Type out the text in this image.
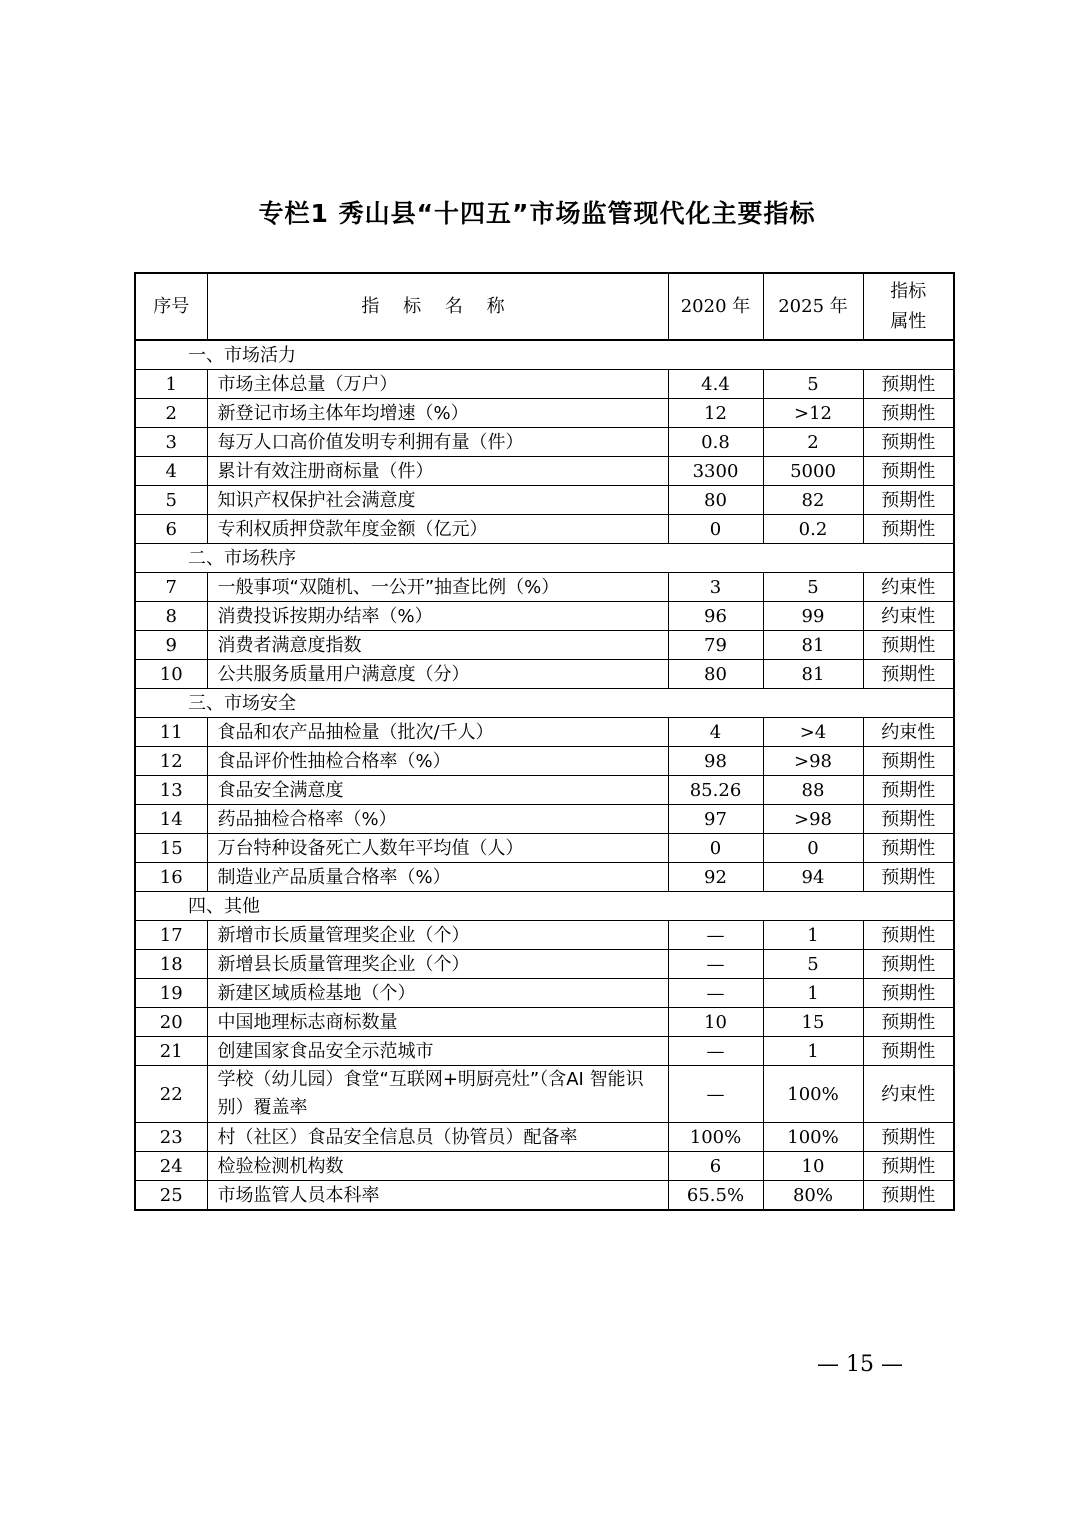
专栏1 秀山县“十四五”市场监管现代化主要指标
序号	指 标 名 称	2020 年	2025 年	指标属性

一、市场活力				
1	市场主体总量（万户）	4.4	5	预期性
2	新登记市场主体年均增速（%）	12	>12	预期性
3	每万人口高价值发明专利拥有量（件）	0.8	2	预期性
4	累计有效注册商标量（件）	3300	5000	预期性
5	知识产权保护社会满意度	80	82	预期性
6	专利权质押贷款年度金额（亿元）	0	0.2	预期性
二、市场秩序				
7	一般事项“双随机、一公开”抽查比例（%）	3	5	约束性
8	消费投诉按期办结率（%）	96	99	约束性
9	消费者满意度指数	79	81	预期性
10	公共服务质量用户满意度（分）	80	81	预期性
三、市场安全				
11	食品和农产品抽检量（批次/千人）	4	>4	约束性
12	食品评价性抽检合格率（%）	98	>98	预期性
13	食品安全满意度	85.26	88	预期性
14	药品抽检合格率（%）	97	>98	预期性
15	万台特种设备死亡人数年平均值（人）	0	0	预期性
16	制造业产品质量合格率（%）	92	94	预期性
四、其他				
17	新增市长质量管理奖企业（个）	—	1	预期性
18	新增县长质量管理奖企业（个）	—	5	预期性
19	新建区域质检基地（个）	—	1	预期性
20	中国地理标志商标数量	10	15	预期性
21	创建国家食品安全示范城市	—	1	预期性
22	学校（幼儿园）食堂“互联网+明厨亮灶”（含AI 智能识别）覆盖率	—	100%	约束性
23	村（社区）食品安全信息员（协管员）配备率	100%	100%	预期性
24	检验检测机构数	6	10	预期性
25	市场监管人员本科率	65.5%	80%	预期性
— 15 —
